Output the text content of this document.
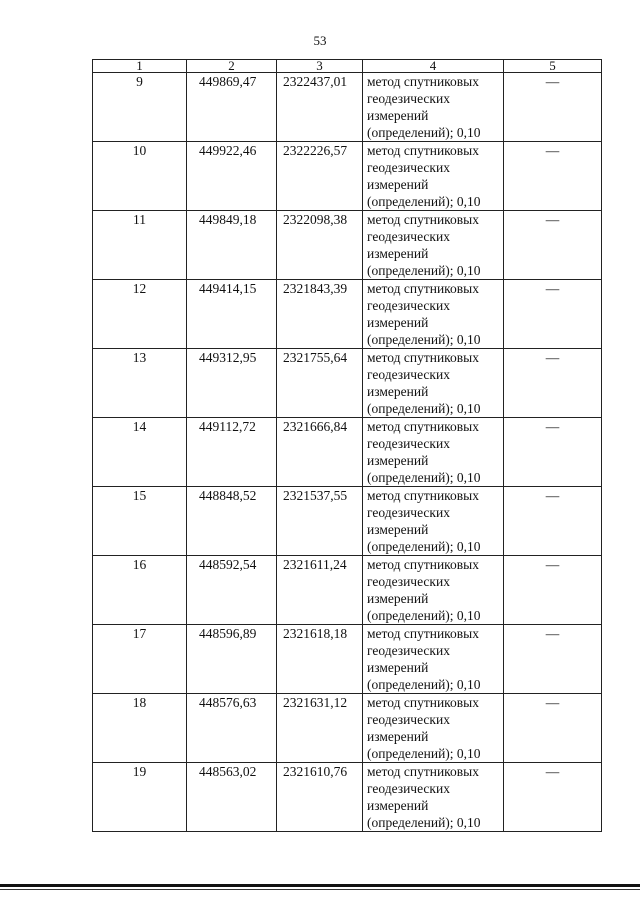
53
1	2	3	4	5
9	449869,47	2322437,01	метод спутниковых
геодезических
измерений
(определений); 0,10	—
10	449922,46	2322226,57	метод спутниковых
геодезических
измерений
(определений); 0,10	—
11	449849,18	2322098,38	метод спутниковых
геодезических
измерений
(определений); 0,10	—
12	449414,15	2321843,39	метод спутниковых
геодезических
измерений
(определений); 0,10	—
13	449312,95	2321755,64	метод спутниковых
геодезических
измерений
(определений); 0,10	—
14	449112,72	2321666,84	метод спутниковых
геодезических
измерений
(определений); 0,10	—
15	448848,52	2321537,55	метод спутниковых
геодезических
измерений
(определений); 0,10	—
16	448592,54	2321611,24	метод спутниковых
геодезических
измерений
(определений); 0,10	—
17	448596,89	2321618,18	метод спутниковых
геодезических
измерений
(определений); 0,10	—
18	448576,63	2321631,12	метод спутниковых
геодезических
измерений
(определений); 0,10	—
19	448563,02	2321610,76	метод спутниковых
геодезических
измерений
(определений); 0,10	—
